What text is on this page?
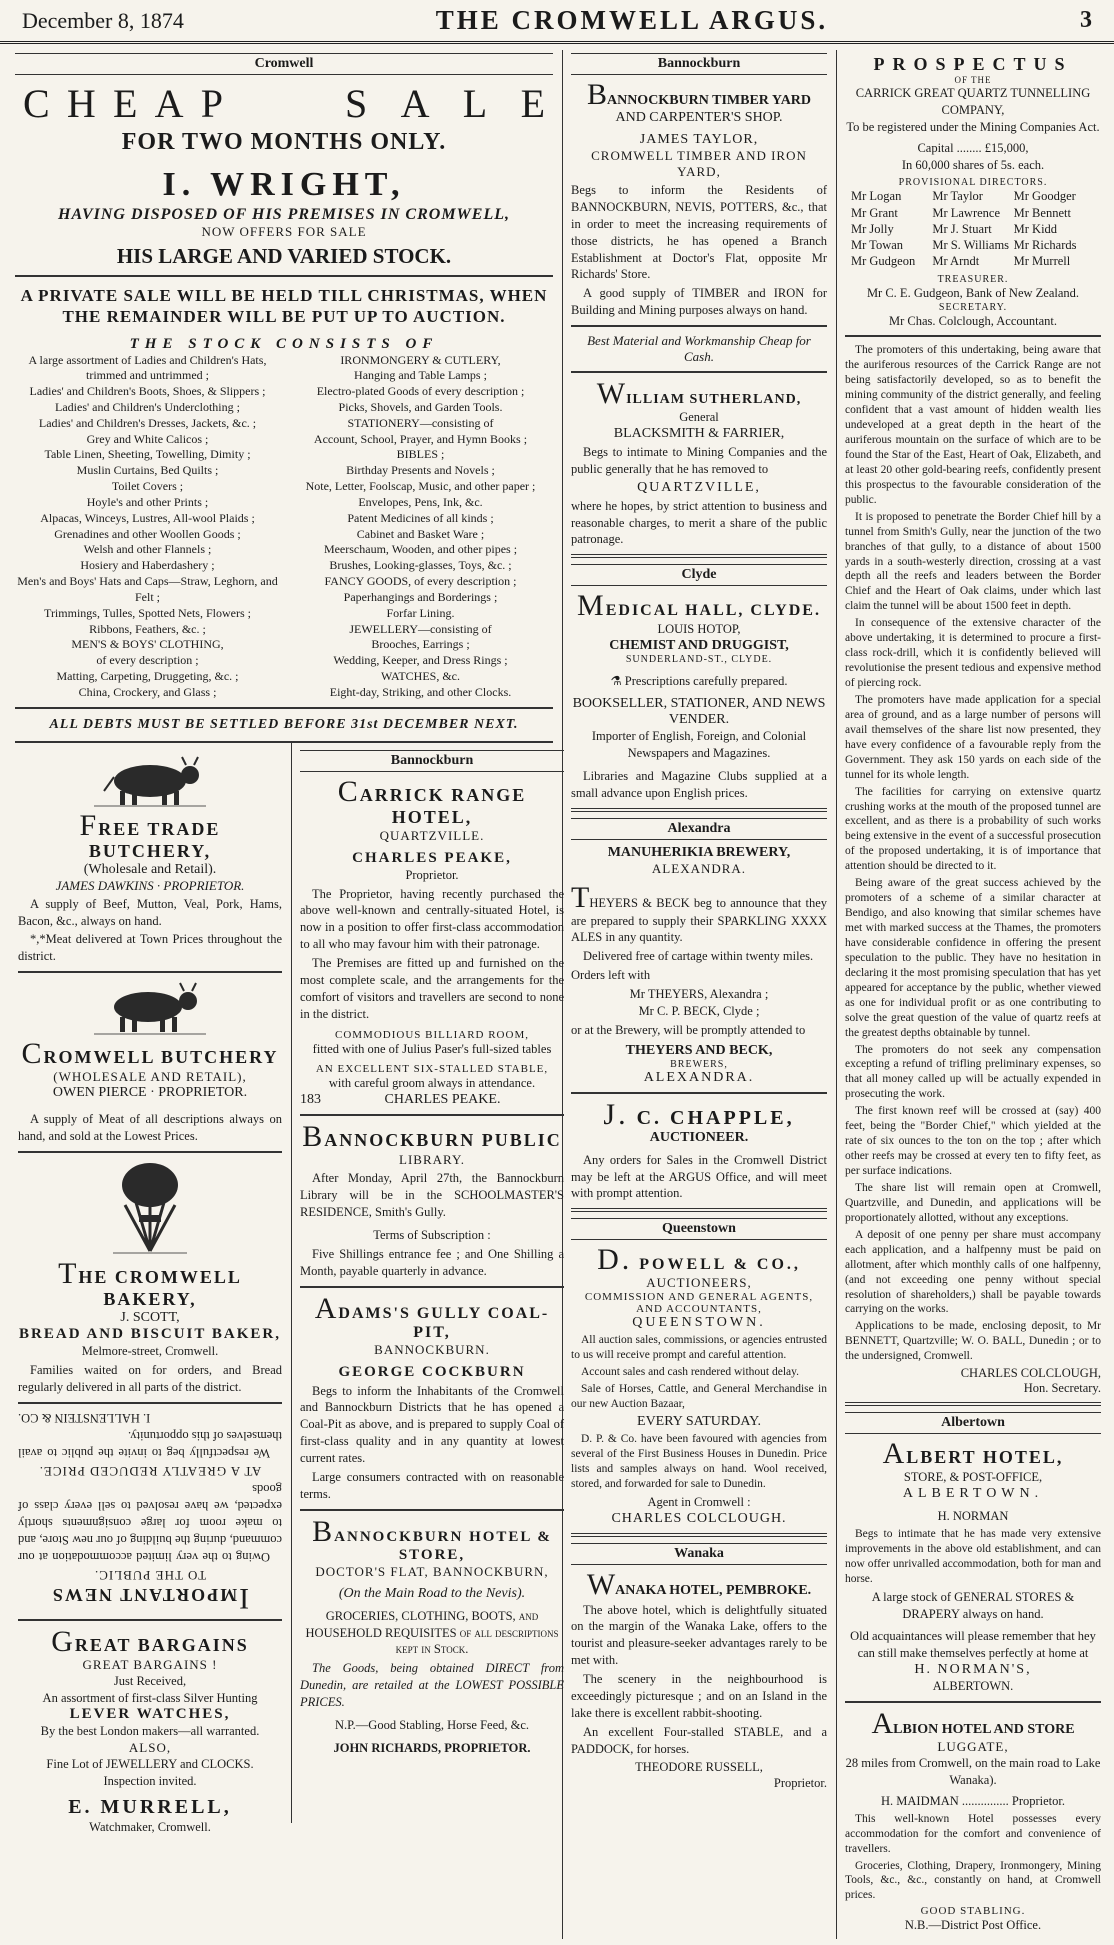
December 8, 1874	THE CROMWELL ARGUS.	3
Cromwell
C H E A P	S A L E
FOR TWO MONTHS ONLY.
I. WRIGHT,
HAVING DISPOSED OF HIS PREMISES IN CROMWELL,
NOW OFFERS FOR SALE
HIS LARGE AND VARIED STOCK.
A PRIVATE SALE WILL BE HELD TILL CHRISTMAS, WHEN THE REMAINDER WILL BE PUT UP TO AUCTION.
THE STOCK CONSISTS OF
A large assortment of Ladies and Children's Hats, trimmed and untrimmed ;
Ladies' and Children's Boots, Shoes, & Slippers ;
Ladies' and Children's Underclothing ;
Ladies' and Children's Dresses, Jackets, &c. ;
Grey and White Calicos ;
Table Linen, Sheeting, Towelling, Dimity ;
Muslin Curtains, Bed Quilts ;
Toilet Covers ;
Hoyle's and other Prints ;
Alpacas, Winceys, Lustres, All-wool Plaids ;
Grenadines and other Woollen Goods ;
Welsh and other Flannels ;
Hosiery and Haberdashery ;
Men's and Boys' Hats and Caps—Straw, Leghorn, and Felt ;
Trimmings, Tulles, Spotted Nets, Flowers ;
Ribbons, Feathers, &c. ;
MEN'S & BOYS' CLOTHING,
of every description ;
Matting, Carpeting, Druggeting, &c. ;
China, Crockery, and Glass ;
IRONMONGERY & CUTLERY,
Hanging and Table Lamps ;
Electro-plated Goods of every description ;
Picks, Shovels, and Garden Tools.
STATIONERY—consisting of
Account, School, Prayer, and Hymn Books ;
BIBLES ;
Birthday Presents and Novels ;
Note, Letter, Foolscap, Music, and other paper ;
Envelopes, Pens, Ink, &c.
Patent Medicines of all kinds ;
Cabinet and Basket Ware ;
Meerschaum, Wooden, and other pipes ;
Brushes, Looking-glasses, Toys, &c. ;
FANCY GOODS, of every description ;
Paperhangings and Borderings ;
Forfar Lining.
JEWELLERY—consisting of
Brooches, Earrings ;
Wedding, Keeper, and Dress Rings ;
WATCHES, &c.
Eight-day, Striking, and other Clocks.
ALL DEBTS MUST BE SETTLED BEFORE 31st DECEMBER NEXT.
FREE TRADE BUTCHERY,
(Wholesale and Retail).
JAMES DAWKINS · PROPRIETOR.
A supply of Beef, Mutton, Veal, Pork, Hams, Bacon, &c., always on hand.
*,*Meat delivered at Town Prices throughout the district.
CROMWELL BUTCHERY
(WHOLESALE AND RETAIL),
OWEN PIERCE · PROPRIETOR.
A supply of Meat of all descriptions always on hand, and sold at the Lowest Prices.
THE CROMWELL BAKERY,
J. SCOTT,
BREAD AND BISCUIT BAKER,
Melmore-street, Cromwell.
Families waited on for orders, and Bread regularly delivered in all parts of the district.
IMPORTANT NEWS
TO THE PUBLIC.
Owing to the very limited accommodation at our command, during the building of our new Store, and to make room for large consignments shortly expected, we have resolved to sell every class of goods
AT A GREATLY REDUCED PRICE.
We respectfully beg to invite the public to avail themselves of this opportunity.
I. HALLENSTEIN & CO.
GREAT BARGAINS
GREAT BARGAINS !
Just Received,
An assortment of first-class Silver Hunting
LEVER WATCHES,
By the best London makers—all warranted.
ALSO,
Fine Lot of JEWELLERY and CLOCKS.
Inspection invited.
E. MURRELL,
Watchmaker, Cromwell.
Bannockburn
CARRICK RANGE HOTEL,
QUARTZVILLE.
CHARLES PEAKE,
Proprietor.
The Proprietor, having recently purchased the above well-known and centrally-situated Hotel, is now in a position to offer first-class accommodation to all who may favour him with their patronage.
The Premises are fitted up and furnished on the most complete scale, and the arrangements for the comfort of visitors and travellers are second to none in the district.
COMMODIOUS BILLIARD ROOM,
fitted with one of Julius Paser's full-sized tables
AN EXCELLENT SIX-STALLED STABLE,
with careful groom always in attendance.
183	CHARLES PEAKE.
BANNOCKBURN PUBLIC
LIBRARY.
After Monday, April 27th, the Bannockburn Library will be in the SCHOOLMASTER'S RESIDENCE, Smith's Gully.
Terms of Subscription :
Five Shillings entrance fee ; and One Shilling a Month, payable quarterly in advance.
ADAMS'S GULLY COAL-PIT,
BANNOCKBURN.
GEORGE COCKBURN
Begs to inform the Inhabitants of the Cromwell and Bannockburn Districts that he has opened a Coal-Pit as above, and is prepared to supply Coal of first-class quality and in any quantity at lowest current rates.
Large consumers contracted with on reasonable terms.
BANNOCKBURN HOTEL & STORE,
DOCTOR'S FLAT, BANNOCKBURN,
(On the Main Road to the Nevis).
GROCERIES, CLOTHING, BOOTS, and HOUSEHOLD REQUISITES of all descriptions kept in Stock.
The Goods, being obtained DIRECT from Dunedin, are retailed at the LOWEST POSSIBLE PRICES.
N.P.—Good Stabling, Horse Feed, &c.
JOHN RICHARDS, PROPRIETOR.
Bannockburn
BANNOCKBURN TIMBER YARD
AND CARPENTER'S SHOP.
JAMES TAYLOR,
CROMWELL TIMBER AND IRON YARD,
Begs to inform the Residents of BANNOCKBURN, NEVIS, POTTERS, &c., that in order to meet the increasing requirements of those districts, he has opened a Branch Establishment at Doctor's Flat, opposite Mr Richards' Store.
A good supply of TIMBER and IRON for Building and Mining purposes always on hand.
Best Material and Workmanship Cheap for Cash.
WILLIAM SUTHERLAND,
General
BLACKSMITH & FARRIER,
Begs to intimate to Mining Companies and the public generally that he has removed to
QUARTZVILLE,
where he hopes, by strict attention to business and reasonable charges, to merit a share of the public patronage.
Clyde
MEDICAL HALL, CLYDE.
LOUIS HOTOP,
CHEMIST AND DRUGGIST,
SUNDERLAND-ST., CLYDE.
⚗ Prescriptions carefully prepared.
BOOKSELLER, STATIONER, AND NEWS VENDER.
Importer of English, Foreign, and Colonial Newspapers and Magazines.
Libraries and Magazine Clubs supplied at a small advance upon English prices.
Alexandra
MANUHERIKIA BREWERY,
ALEXANDRA.
THEYERS & BECK beg to announce that they are prepared to supply their SPARKLING XXXX ALES in any quantity.
Delivered free of cartage within twenty miles.
Orders left with
Mr THEYERS, Alexandra ;
Mr C. P. BECK, Clyde ;
or at the Brewery, will be promptly attended to
THEYERS AND BECK,
BREWERS,
ALEXANDRA.
J. C. CHAPPLE,
AUCTIONEER.
Any orders for Sales in the Cromwell District may be left at the ARGUS Office, and will meet with prompt attention.
Queenstown
D. POWELL & CO.,
AUCTIONEERS,
COMMISSION AND GENERAL AGENTS,
AND ACCOUNTANTS,
QUEENSTOWN.
All auction sales, commissions, or agencies entrusted to us will receive prompt and careful attention.
Account sales and cash rendered without delay.
Sale of Horses, Cattle, and General Merchandise in our new Auction Bazaar,
EVERY SATURDAY.
D. P. & Co. have been favoured with agencies from several of the First Business Houses in Dunedin. Price lists and samples always on hand. Wool received, stored, and forwarded for sale to Dunedin.
Agent in Cromwell :
CHARLES COLCLOUGH.
Wanaka
WANAKA HOTEL, PEMBROKE.
The above hotel, which is delightfully situated on the margin of the Wanaka Lake, offers to the tourist and pleasure-seeker advantages rarely to be met with.
The scenery in the neighbourhood is exceedingly picturesque ; and on an Island in the lake there is excellent rabbit-shooting.
An excellent Four-stalled STABLE, and a PADDOCK, for horses.
THEODORE RUSSELL,
Proprietor.
PROSPECTUS
OF THE
CARRICK GREAT QUARTZ TUNNELLING COMPANY,
To be registered under the Mining Companies Act.
Capital ........ £15,000,
In 60,000 shares of 5s. each.
PROVISIONAL DIRECTORS.
Mr Logan	Mr Taylor	Mr Goodger
Mr Grant	Mr Lawrence	Mr Bennett
Mr Jolly	Mr J. Stuart	Mr Kidd
Mr Towan	Mr S. Williams Mr Richards
Mr Gudgeon	Mr Arndt	Mr Murrell
TREASURER.
Mr C. E. Gudgeon, Bank of New Zealand.
SECRETARY.
Mr Chas. Colclough, Accountant.
The promoters of this undertaking, being aware that the auriferous resources of the Carrick Range are not being satisfactorily developed, so as to benefit the mining community of the district generally, and feeling confident that a vast amount of hidden wealth lies undeveloped at a great depth in the heart of the auriferous mountain on the surface of which are to be found the Star of the East, Heart of Oak, Elizabeth, and at least 20 other gold-bearing reefs, confidently present this prospectus to the favourable consideration of the public.
It is proposed to penetrate the Border Chief hill by a tunnel from Smith's Gully, near the junction of the two branches of that gully, to a distance of about 1500 yards in a south-westerly direction, crossing at a vast depth all the reefs and leaders between the Border Chief and the Heart of Oak claims, under which last claim the tunnel will be about 1500 feet in depth.
In consequence of the extensive character of the above undertaking, it is determined to procure a first-class rock-drill, which it is confidently believed will revolutionise the present tedious and expensive method of piercing rock.
The promoters have made application for a special area of ground, and as a large number of persons will avail themselves of the share list now presented, they have every confidence of a favourable reply from the Government. They ask 150 yards on each side of the tunnel for its whole length.
The facilities for carrying on extensive quartz crushing works at the mouth of the proposed tunnel are excellent, and as there is a probability of such works being extensive in the event of a successful prosecution of the proposed undertaking, it is of importance that attention should be directed to it.
Being aware of the great success achieved by the promoters of a scheme of a similar character at Bendigo, and also knowing that similar schemes have met with marked success at the Thames, the promoters have considerable confidence in offering the present speculation to the public. They have no hesitation in declaring it the most promising speculation that has yet appeared for acceptance by the public, whether viewed as one for individual profit or as one contributing to solve the great question of the value of quartz reefs at the greatest depths obtainable by tunnel.
The promoters do not seek any compensation excepting a refund of trifling preliminary expenses, so that all money called up will be actually expended in prosecuting the work.
The first known reef will be crossed at (say) 400 feet, being the "Border Chief," which yielded at the rate of six ounces to the ton on the top ; after which other reefs may be crossed at every ten to fifty feet, as per surface indications.
The share list will remain open at Cromwell, Quartzville, and Dunedin, and applications will be proportionately allotted, without any exceptions.
A deposit of one penny per share must accompany each application, and a halfpenny must be paid on allotment, after which monthly calls of one halfpenny, (and not exceeding one penny without special resolution of shareholders,) shall be payable towards carrying on the works.
Applications to be made, enclosing deposit, to Mr BENNETT, Quartzville; W. O. BALL, Dunedin ; or to the undersigned, Cromwell.
CHARLES COLCLOUGH,
Hon. Secretary.
Albertown
ALBERT HOTEL,
STORE, & POST-OFFICE,
ALBERTOWN.
H. NORMAN
Begs to intimate that he has made very extensive improvements in the above old establishment, and can now offer unrivalled accommodation, both for man and horse.
A large stock of GENERAL STORES & DRAPERY always on hand.
Old acquaintances will please remember that hey can still make themselves perfectly at home at
H. NORMAN'S,
ALBERTOWN.
ALBION HOTEL AND STORE
LUGGATE,
28 miles from Cromwell, on the main road to Lake Wanaka).
H. MAIDMAN ............... Proprietor.
This well-known Hotel possesses every accommodation for the comfort and convenience of travellers.
Groceries, Clothing, Drapery, Ironmongery, Mining Tools, &c., &c., constantly on hand, at Cromwell prices.
GOOD STABLING.
N.B.—District Post Office.
